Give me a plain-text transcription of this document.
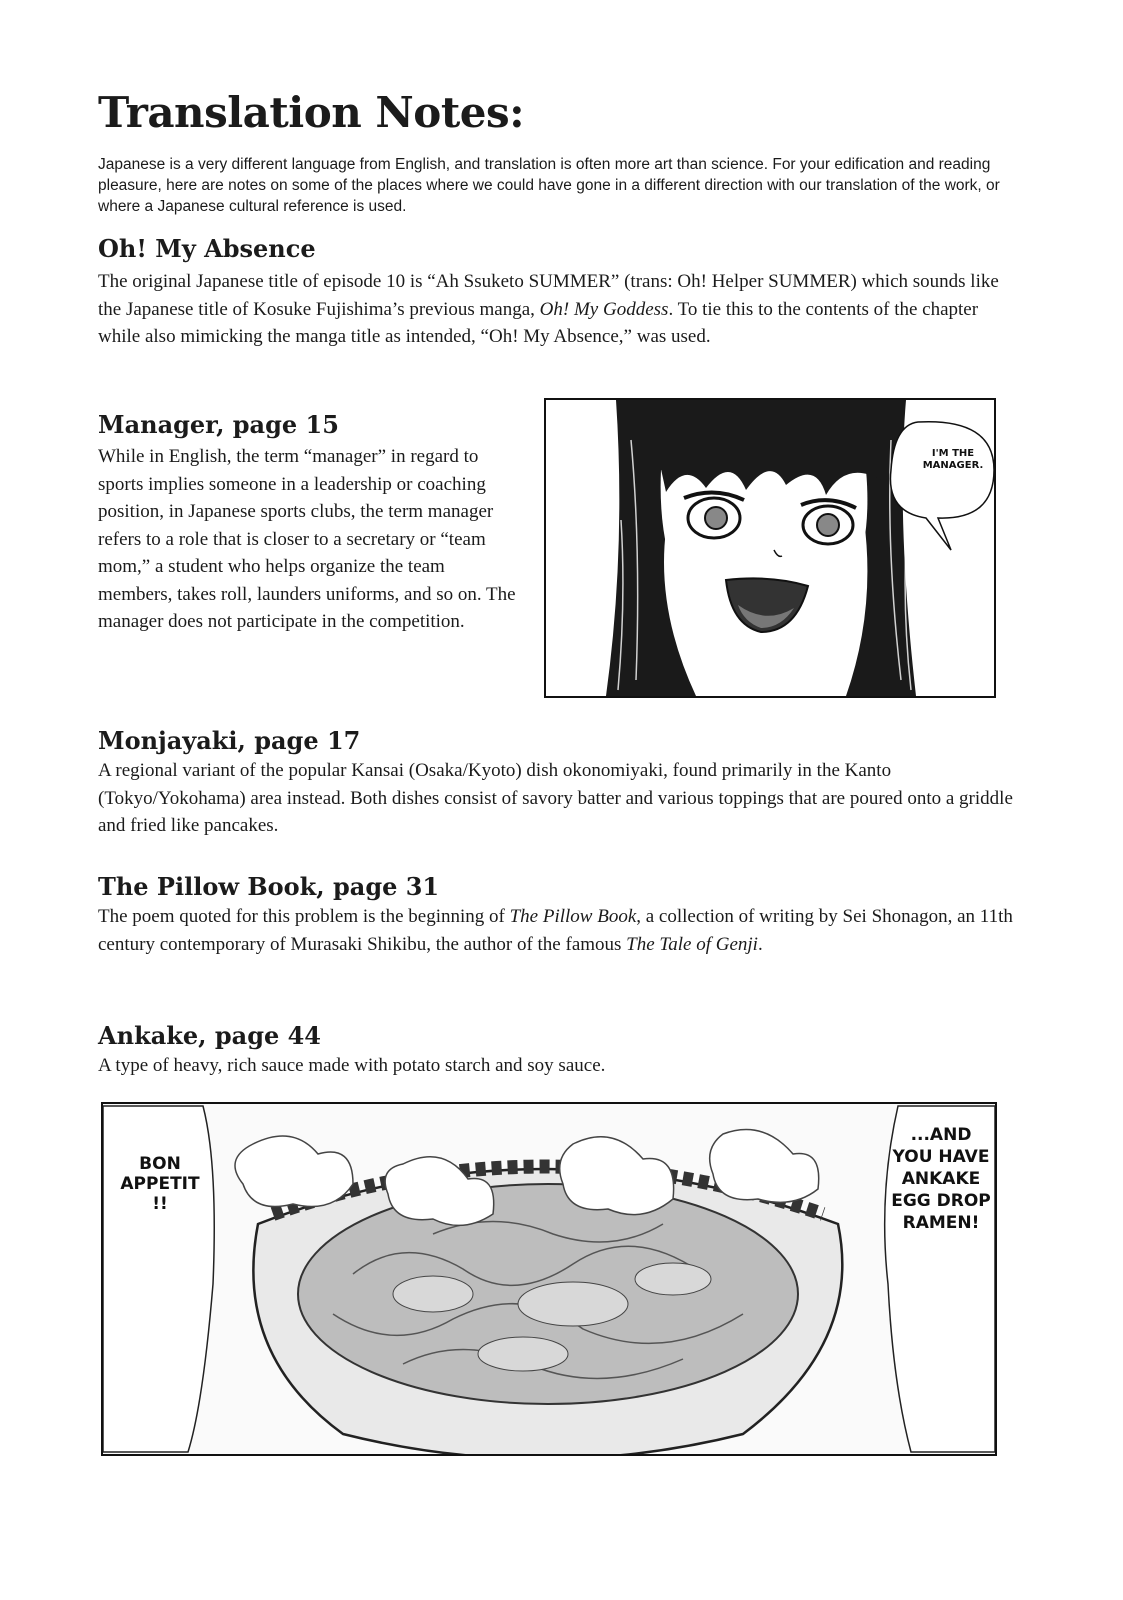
Translation Notes:

Japanese is a very different language from English, and translation is often more art than science. For your edification and reading pleasure, here are notes on some of the places where we could have gone in a different direction with our translation of the work, or where a Japanese cultural reference is used.

Oh! My Absence

The original Japanese title of episode 10 is “Ah Ssuketo SUMMER” (trans: Oh! Helper SUMMER) which sounds like the Japanese title of Kosuke Fujishima’s previous manga, Oh! My Goddess. To tie this to the contents of the chapter while also mimicking the manga title as intended, “Oh! My Absence,” was used.

Manager, page 15

While in English, the term “manager” in regard to sports implies someone in a leadership or coaching position, in Japanese sports clubs, the term manager refers to a role that is closer to a secretary or “team mom,” a student who helps organize the team members, takes roll, launders uniforms, and so on. The manager does not participate in the competition.

I'M THE
MANAGER.
Monjayaki, page 17

A regional variant of the popular Kansai (Osaka/Kyoto) dish okonomiyaki, found primarily in the Kanto (Tokyo/Yokohama) area instead. Both dishes consist of savory batter and various toppings that are poured onto a griddle and fried like pancakes.

The Pillow Book, page 31

The poem quoted for this problem is the beginning of The Pillow Book, a collection of writing by Sei Shonagon, an 11th century contemporary of Murasaki Shikibu, the author of the famous The Tale of Genji.

Ankake, page 44

A type of heavy, rich sauce made with potato starch and soy sauce.

BON
APPETIT
!!
...AND
YOU HAVE
ANKAKE
EGG DROP
RAMEN!
